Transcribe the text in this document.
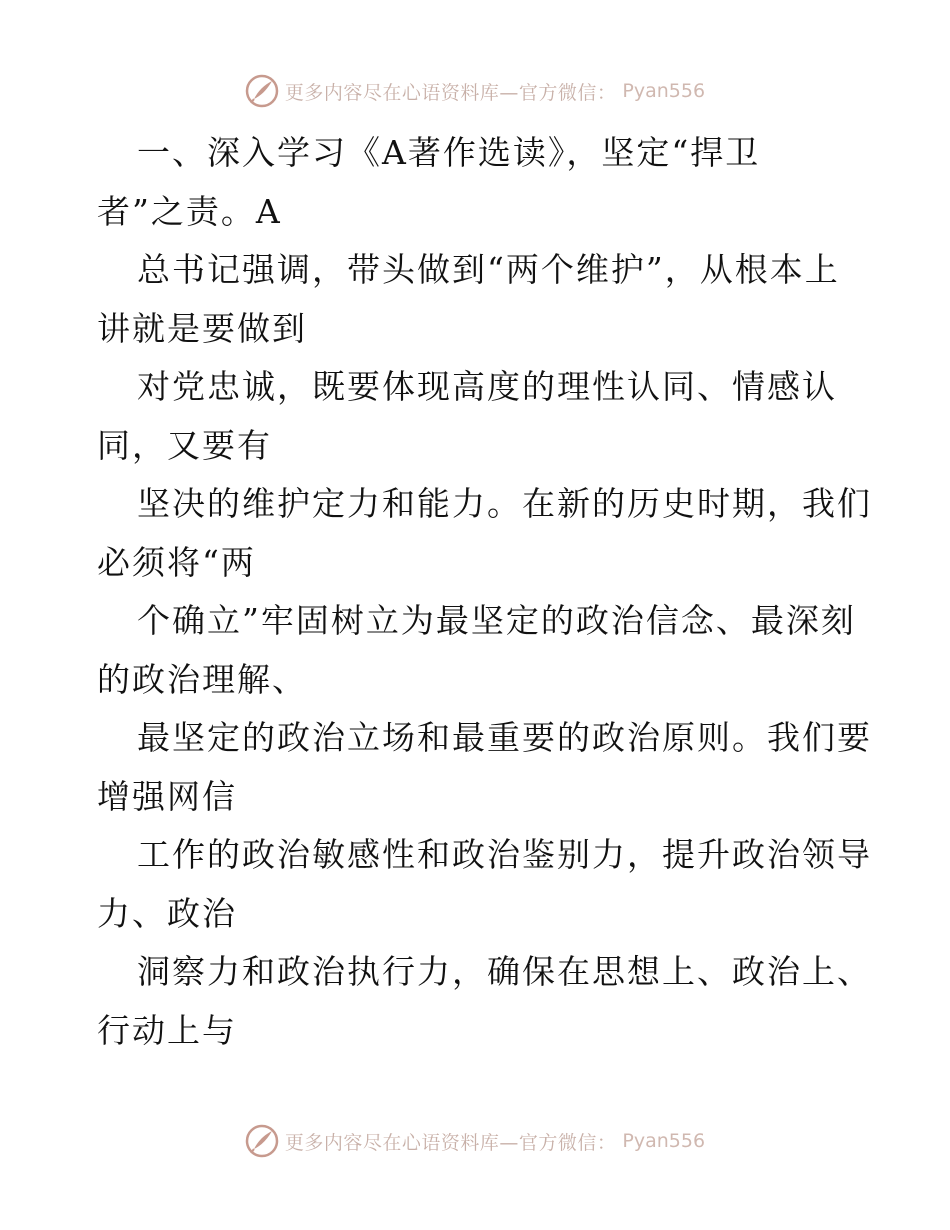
更多内容尽在心语资料库—官方微信： Pyan556
一、深入学习《A著作选读》，坚定“捍卫
者”之责。A
总书记强调，带头做到“两个维护”，从根本上
讲就是要做到
对党忠诚，既要体现高度的理性认同、情感认
同，又要有
坚决的维护定力和能力。在新的历史时期，我们
必须将“两
个确立”牢固树立为最坚定的政治信念、最深刻
的政治理解、
最坚定的政治立场和最重要的政治原则。我们要
增强网信
工作的政治敏感性和政治鉴别力，提升政治领导
力、政治
洞察力和政治执行力，确保在思想上、政治上、
行动上与
更多内容尽在心语资料库—官方微信： Pyan556
